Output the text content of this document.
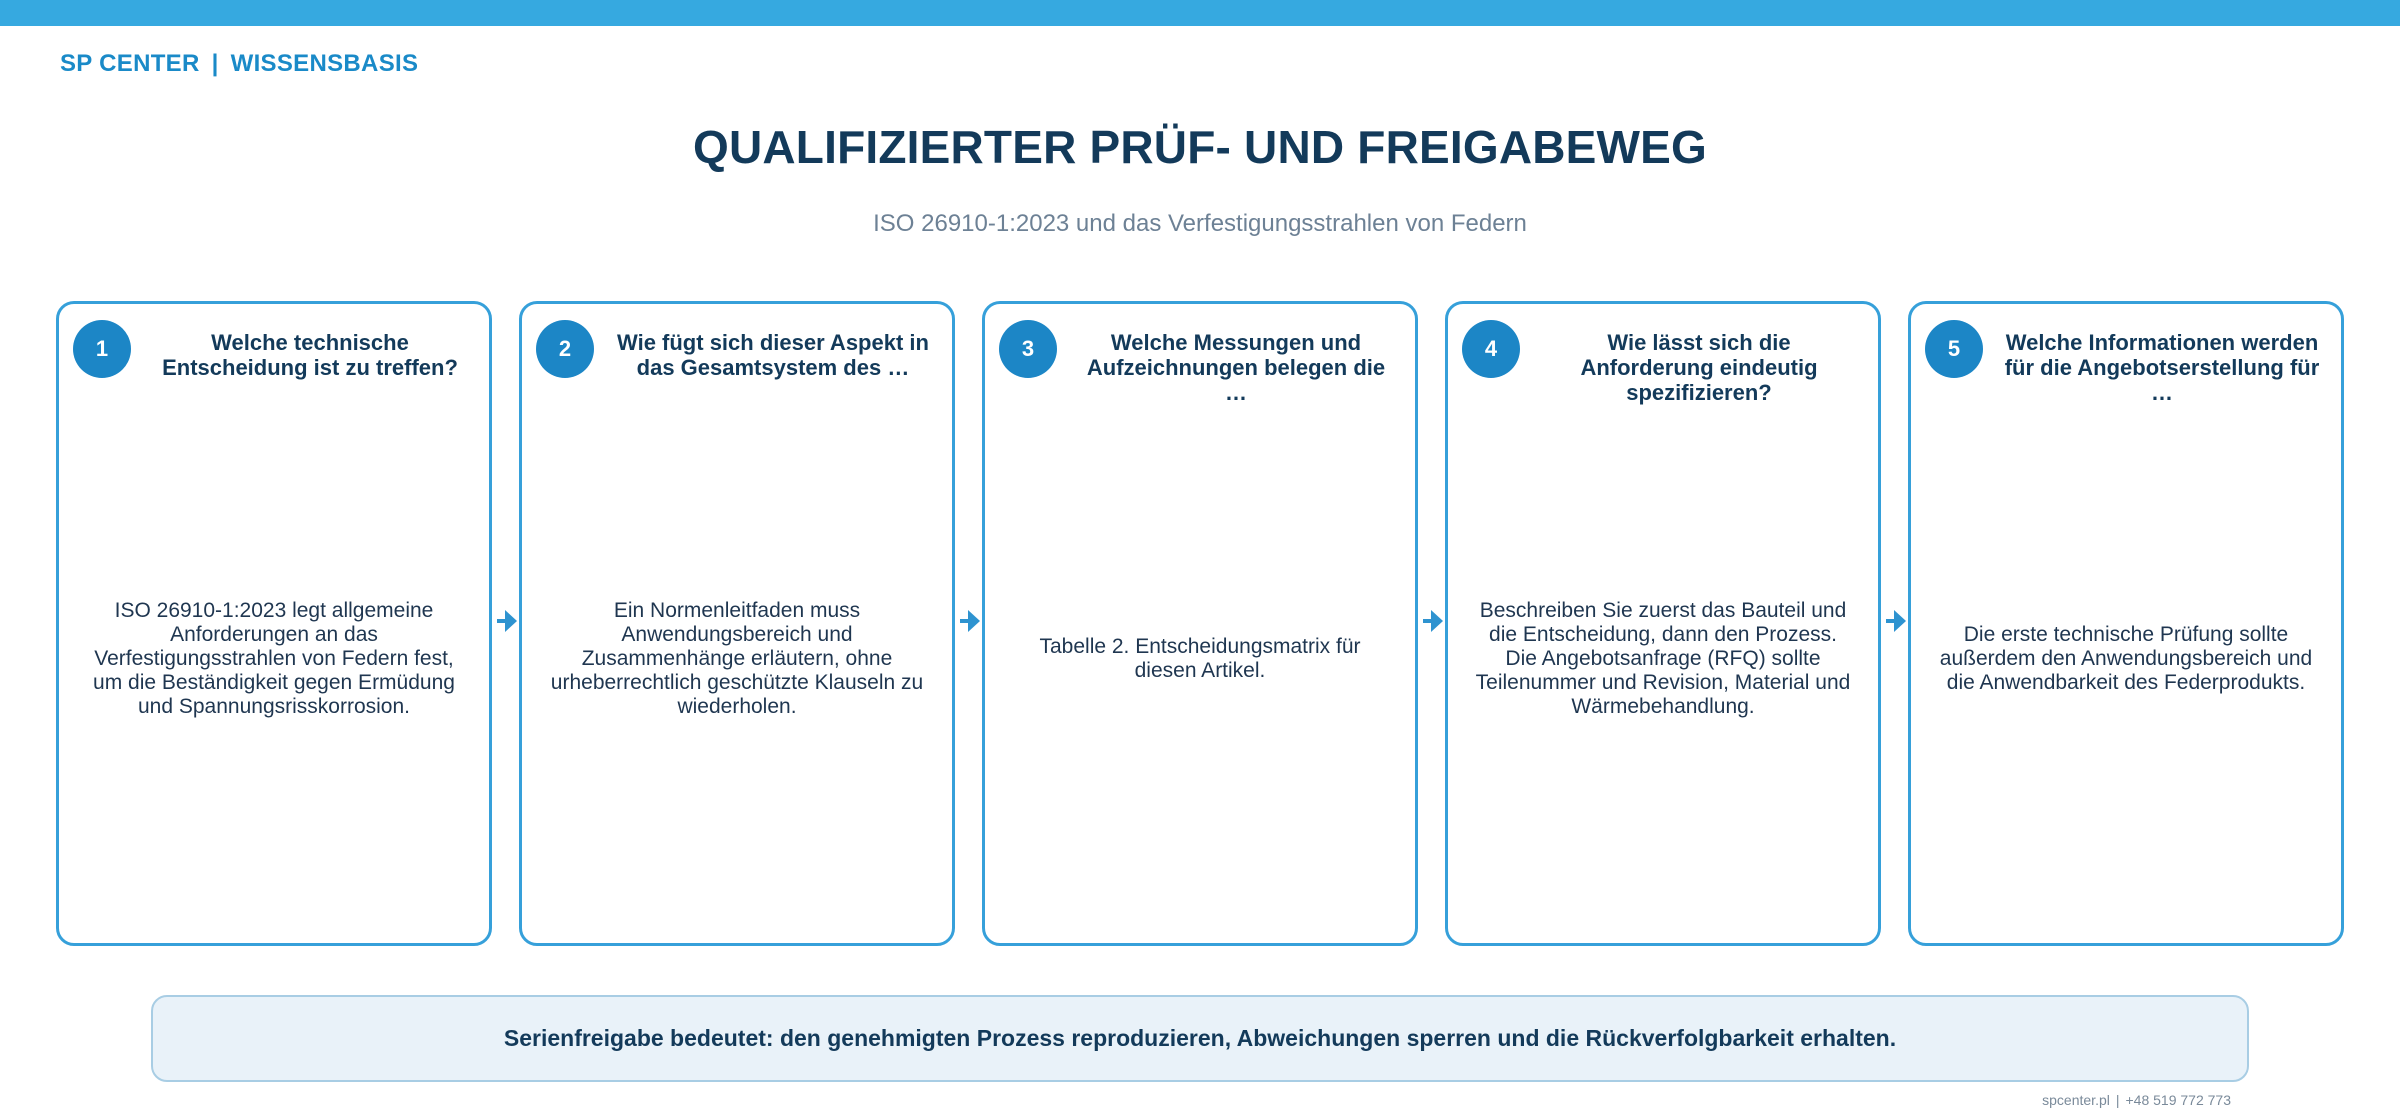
SP CENTER | WISSENSBASIS
QUALIFIZIERTER PRÜF- UND FREIGABEWEG
ISO 26910-1:2023 und das Verfestigungsstrahlen von Federn
1	Welche technische Entscheidung ist zu treffen?
ISO 26910-1:2023 legt allgemeine Anforderungen an das Verfestigungsstrahlen von Federn fest, um die Beständigkeit gegen Ermüdung und Spannungsrisskorrosion.
2	Wie fügt sich dieser Aspekt in das Gesamtsystem des …
Ein Normenleitfaden muss Anwendungsbereich und Zusammenhänge erläutern, ohne urheberrechtlich geschützte Klauseln zu wiederholen.
3	Welche Messungen und Aufzeichnungen belegen die …
Tabelle 2. Entscheidungsmatrix für diesen Artikel.
4	Wie lässt sich die Anforderung eindeutig spezifizieren?
Beschreiben Sie zuerst das Bauteil und die Entscheidung, dann den Prozess. Die Angebotsanfrage (RFQ) sollte Teilenummer und Revision, Material und Wärmebehandlung.
5	Welche Informationen werden für die Angebotserstellung für …
Die erste technische Prüfung sollte außerdem den Anwendungsbereich und die Anwendbarkeit des Federprodukts.
Serienfreigabe bedeutet: den genehmigten Prozess reproduzieren, Abweichungen sperren und die Rückverfolgbarkeit erhalten.
spcenter.pl | +48 519 772 773
